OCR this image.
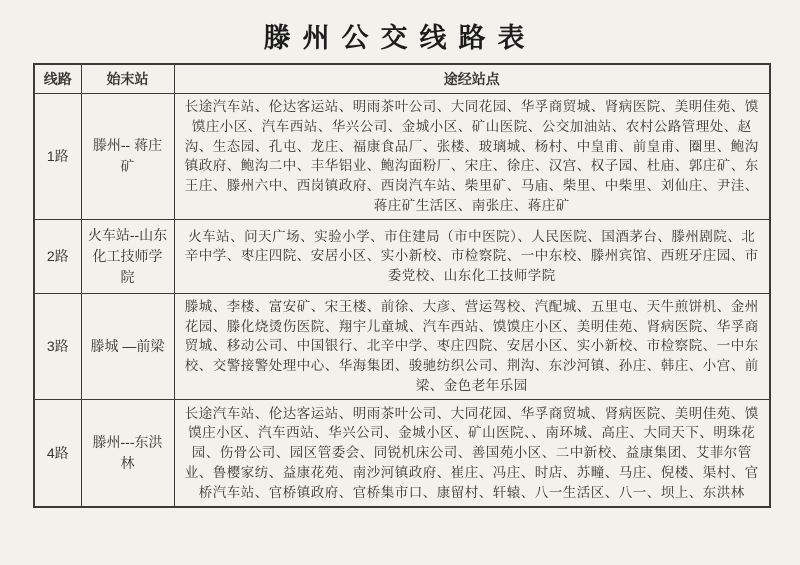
滕州公交线路表
线路	始末站	途经站点
1路	滕州-- 蒋庄矿	长途汽车站、伦达客运站、明雨茶叶公司、大同花园、华孚商贸城、肾病医院、美明佳苑、馍馍庄小区、汽车西站、华兴公司、金城小区、矿山医院、公交加油站、农村公路管理处、赵沟、生态园、孔屯、龙庄、福康食品厂、张楼、玻璃城、杨村、中皇甫、前皇甫、圈里、鲍沟镇政府、鲍沟二中、丰华铝业、鲍沟面粉厂、宋庄、徐庄、汉宫、权子园、杜庙、郭庄矿、东王庄、滕州六中、西岗镇政府、西岗汽车站、柴里矿、马庙、柴里、中柴里、刘仙庄、尹洼、蒋庄矿生活区、南张庄、蒋庄矿
2路	火车站--山东化工技师学院	火车站、问天广场、实验小学、市住建局（市中医院）、人民医院、国酒茅台、滕州剧院、北辛中学、枣庄四院、安居小区、实小新校、市检察院、一中东校、滕州宾馆、西班牙庄园、市委党校、山东化工技师学院
3路	滕城 —前梁	滕城、李楼、富安矿、宋王楼、前徐、大彦、营运驾校、汽配城、五里屯、天牛煎饼机、金州花园、滕化烧烫伤医院、翔宇儿童城、汽车西站、馍馍庄小区、美明佳苑、肾病医院、华孚商贸城、移动公司、中国银行、北辛中学、枣庄四院、安居小区、实小新校、市检察院、一中东校、交警接警处理中心、华海集团、骏驰纺织公司、荆沟、东沙河镇、孙庄、韩庄、小宫、前梁、金色老年乐园
4路	滕州---东洪林	长途汽车站、伦达客运站、明雨茶叶公司、大同花园、华孚商贸城、肾病医院、美明佳苑、馍馍庄小区、汽车西站、华兴公司、金城小区、矿山医院、、南环城、高庄、大同天下、明珠花园、伤骨公司、园区管委会、同锐机床公司、善国苑小区、二中新校、益康集团、艾菲尔管业、鲁樱家纺、益康花苑、南沙河镇政府、崔庄、冯庄、时店、苏疃、马庄、倪楼、渠村、官桥汽车站、官桥镇政府、官桥集市口、康留村、轩辕、八一生活区、八一、坝上、东洪林
